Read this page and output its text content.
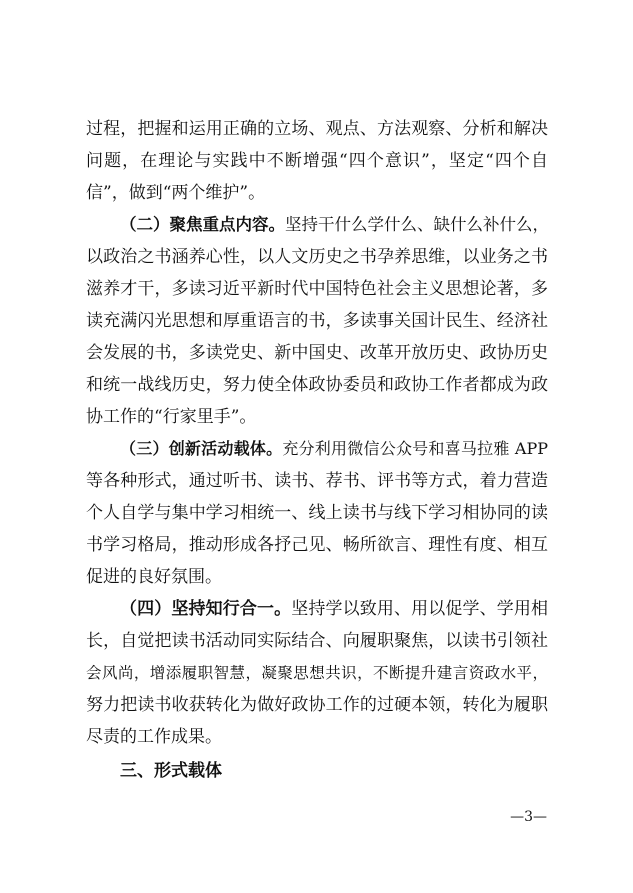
过程，把握和运用正确的立场、观点、方法观察、分析和解决
问题，在理论与实践中不断增强“四个意识”，坚定“四个自
信”，做到“两个维护”。
（二）聚焦重点内容。坚持干什么学什么、缺什么补什么，
以政治之书涵养心性，以人文历史之书孕养思维，以业务之书
滋养才干，多读习近平新时代中国特色社会主义思想论著，多
读充满闪光思想和厚重语言的书，多读事关国计民生、经济社
会发展的书，多读党史、新中国史、改革开放历史、政协历史
和统一战线历史，努力使全体政协委员和政协工作者都成为政
协工作的“行家里手”。
（三）创新活动载体。充分利用微信公众号和喜马拉雅 APP
等各种形式，通过听书、读书、荐书、评书等方式，着力营造
个人自学与集中学习相统一、线上读书与线下学习相协同的读
书学习格局，推动形成各抒己见、畅所欲言、理性有度、相互
促进的良好氛围。
（四）坚持知行合一。坚持学以致用、用以促学、学用相
长，自觉把读书活动同实际结合、向履职聚焦，以读书引领社
会风尚，增添履职智慧，凝聚思想共识，不断提升建言资政水平，
努力把读书收获转化为做好政协工作的过硬本领，转化为履职
尽责的工作成果。
三、形式载体
—3—
